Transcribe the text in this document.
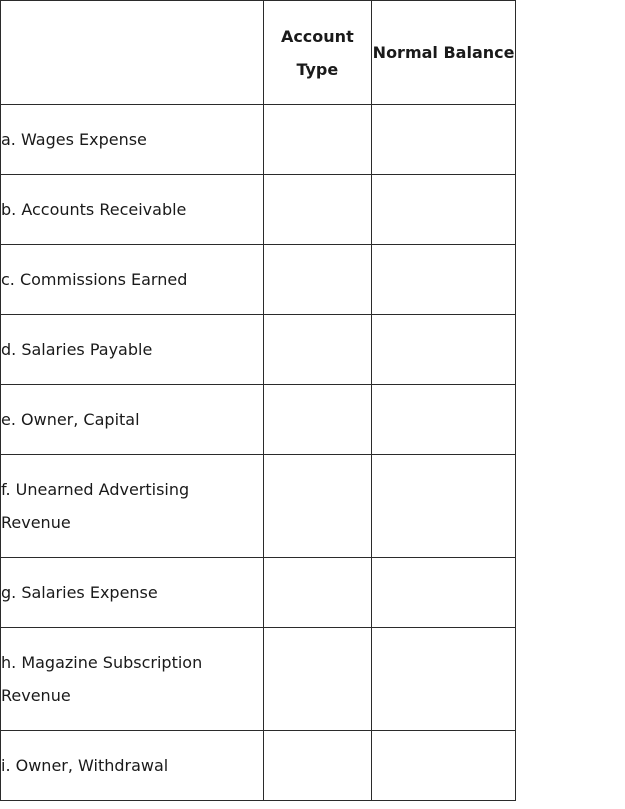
	Account Type	Normal Balance
a. Wages Expense		
b. Accounts Receivable		
c. Commissions Earned		
d. Salaries Payable		
e. Owner, Capital		
f. Unearned Advertising Revenue		
g. Salaries Expense		
h. Magazine Subscription Revenue		
i. Owner, Withdrawal		
